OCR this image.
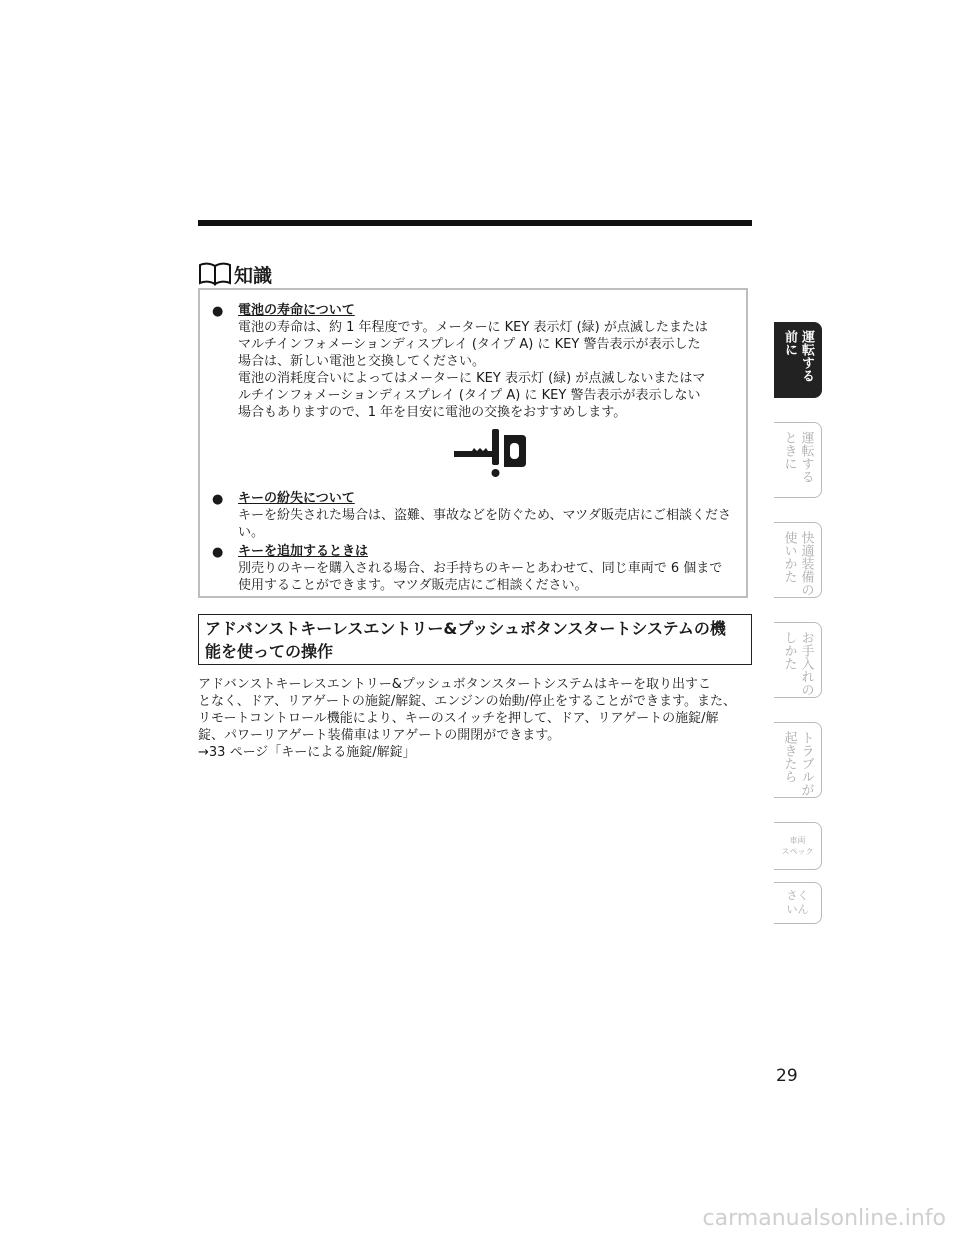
知識
● 電池の寿命について
電池の寿命は、約 1 年程度です。メーターに KEY 表示灯 (緑) が点滅したまたは
マルチインフォメーションディスプレイ (タイプ A) に KEY 警告表示が表示した
場合は、新しい電池と交換してください。
電池の消耗度合いによってはメーターに KEY 表示灯 (緑) が点滅しないまたはマ
ルチインフォメーションディスプレイ (タイプ A) に KEY 警告表示が表示しない
場合もありますので、1 年を目安に電池の交換をおすすめします。
● キーの紛失について
キーを紛失された場合は、盗難、事故などを防ぐため、マツダ販売店にご相談くださ
い。
● キーを追加するときは
別売りのキーを購入される場合、お手持ちのキーとあわせて、同じ車両で 6 個まで
使用することができます。マツダ販売店にご相談ください。
アドバンストキーレスエントリー&プッシュボタンスタートシステムの機
能を使っての操作
アドバンストキーレスエントリー&プッシュボタンスタートシステムはキーを取り出すこ
となく、ドア、リアゲートの施錠/解錠、エンジンの始動/停止をすることができます。また、
リモートコントロール機能により、キーのスイッチを押して、ドア、リアゲートの施錠/解
錠、パワーリアゲート装備車はリアゲートの開閉ができます。
→33 ページ「キーによる施錠/解錠」
運転する
前に
運転する
ときに
快適装備の
使いかた
お手入れの
しかた
トラブルが
起きたら
車両
スペック
さく
いん
29
carmanualsonline.info
